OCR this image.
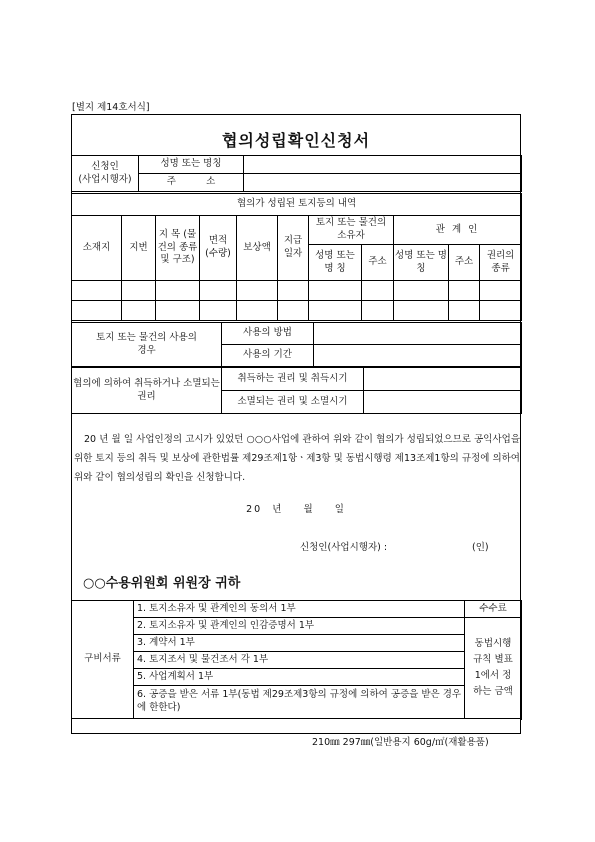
[별지 제14호서식]
협의성립확인신청서
신청인
(사업시행자)	성명 또는 명칭	
	주          소	
협의가 성립된 토지등의 내역										
소재지	지번	지 목 (물건의 종류 및 구조)	면적 (수량)	보상액	지급 일자	토지 또는 물건의 소유자		관 계 인		
						성명 또는 명 칭	주소	성명 또는 명 칭	주소	권리의 종류

토지 또는 물건의 사용의 경우	사용의 방법	
	사용의 기간	
협의에 의하여 취득하거나 소멸되는 권리	취득하는 권리 및 취득시기	
	소멸되는 권리 및 소멸시기	

20 년 월 일 사업인정의 고시가 있었던 ○○○사업에 관하여 위와 같이 협의가 성립되었으므로 공익사업을 위한 토지 등의 취득 및 보상에 관한법률 제29조제1항ㆍ제3항 및 동법시행령 제13조제1항의 규정에 의하여 위와 같이 협의성립의 확인을 신청합니다.

20  년    월    일
신청인(사업시행자) :	(인)
○○수용위원회 위원장 귀하
구비서류	1. 토지소유자 및 관계인의 동의서 1부	수수료
	2. 토지소유자 및 관계인의 인감증명서 1부	동법시행규칙 별표 1에서 정하는 금액
	3. 계약서 1부	
	4. 토지조서 및 물건조서 각 1부	
	5. 사업계획서 1부	
	6. 공증을 받은 서류 1부(동법 제29조제3항의 규정에 의하여 공증을 받은 경우에 한한다)	

210㎜ 297㎜(일반용지 60g/㎡(재활용품)
